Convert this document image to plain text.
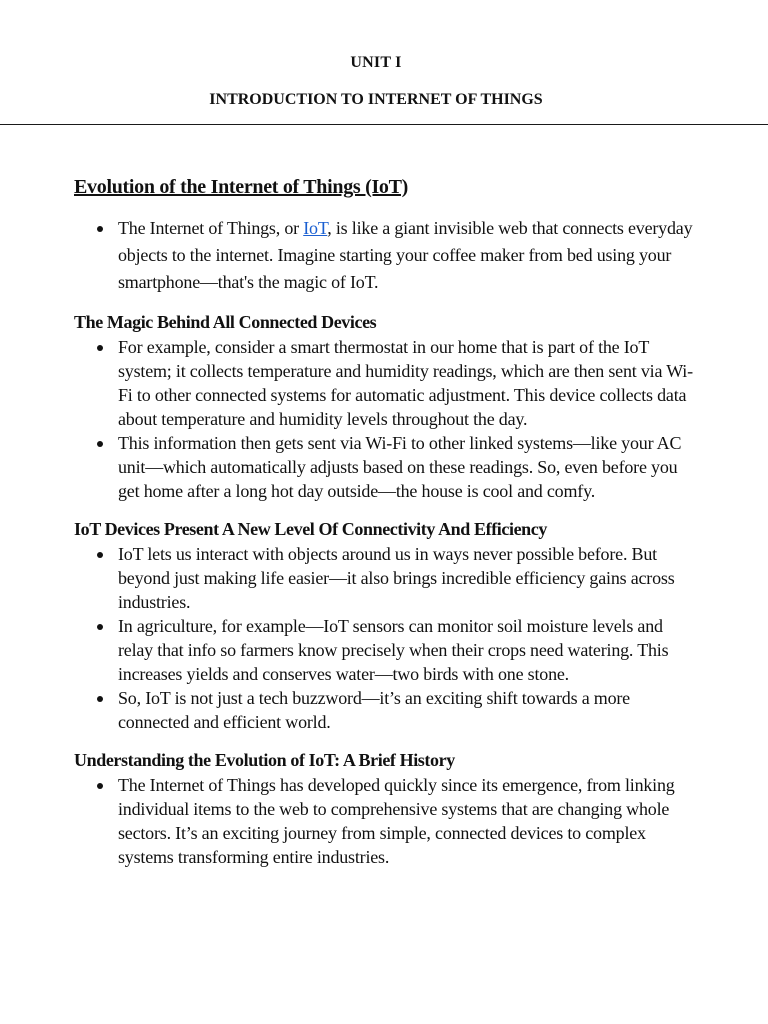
UNIT I
INTRODUCTION TO INTERNET OF THINGS
Evolution of the Internet of Things (IoT)
The Internet of Things, or IoT, is like a giant invisible web that connects everyday objects to the internet. Imagine starting your coffee maker from bed using your smartphone—that's the magic of IoT.
The Magic Behind All Connected Devices
For example, consider a smart thermostat in our home that is part of the IoT system; it collects temperature and humidity readings, which are then sent via Wi-Fi to other connected systems for automatic adjustment. This device collects data about temperature and humidity levels throughout the day.
This information then gets sent via Wi-Fi to other linked systems—like your AC unit—which automatically adjusts based on these readings. So, even before you get home after a long hot day outside—the house is cool and comfy.
IoT Devices Present A New Level Of Connectivity And Efficiency
IoT lets us interact with objects around us in ways never possible before. But beyond just making life easier—it also brings incredible efficiency gains across industries.
In agriculture, for example—IoT sensors can monitor soil moisture levels and relay that info so farmers know precisely when their crops need watering. This increases yields and conserves water—two birds with one stone.
So, IoT is not just a tech buzzword—it’s an exciting shift towards a more connected and efficient world.
Understanding the Evolution of IoT: A Brief History
The Internet of Things has developed quickly since its emergence, from linking individual items to the web to comprehensive systems that are changing whole sectors. It’s an exciting journey from simple, connected devices to complex systems transforming entire industries.
